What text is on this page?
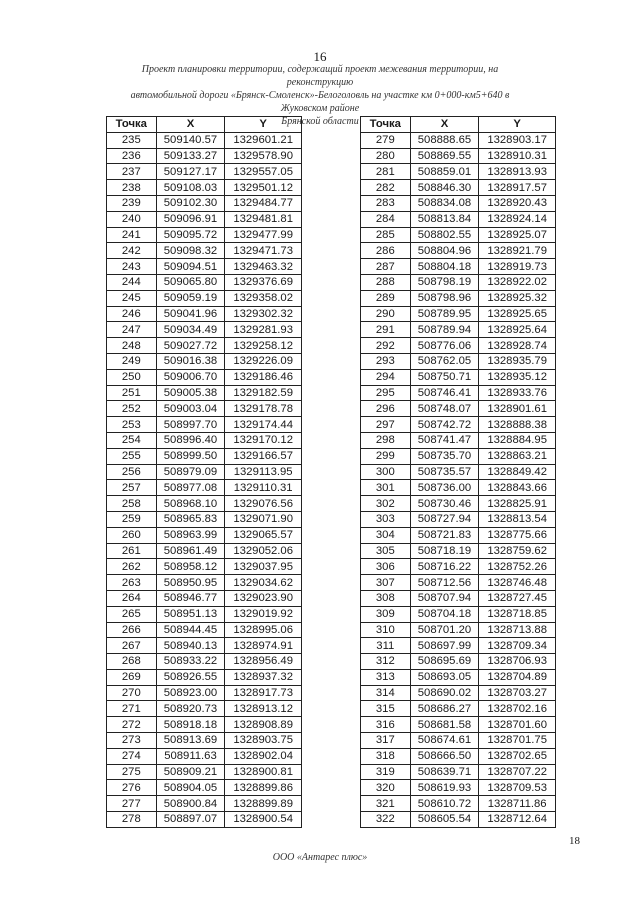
16
Проект планировки территории, содержащий проект межевания территории, на реконструкцию
автомобильной дороги «Брянск-Смоленск»-Белоголовль на участке км 0+000-км5+640 в Жуковском районе
Брянской области
Точка	X	Y
235	509140.57	1329601.21
236	509133.27	1329578.90
237	509127.17	1329557.05
238	509108.03	1329501.12
239	509102.30	1329484.77
240	509096.91	1329481.81
241	509095.72	1329477.99
242	509098.32	1329471.73
243	509094.51	1329463.32
244	509065.80	1329376.69
245	509059.19	1329358.02
246	509041.96	1329302.32
247	509034.49	1329281.93
248	509027.72	1329258.12
249	509016.38	1329226.09
250	509006.70	1329186.46
251	509005.38	1329182.59
252	509003.04	1329178.78
253	508997.70	1329174.44
254	508996.40	1329170.12
255	508999.50	1329166.57
256	508979.09	1329113.95
257	508977.08	1329110.31
258	508968.10	1329076.56
259	508965.83	1329071.90
260	508963.99	1329065.57
261	508961.49	1329052.06
262	508958.12	1329037.95
263	508950.95	1329034.62
264	508946.77	1329023.90
265	508951.13	1329019.92
266	508944.45	1328995.06
267	508940.13	1328974.91
268	508933.22	1328956.49
269	508926.55	1328937.32
270	508923.00	1328917.73
271	508920.73	1328913.12
272	508918.18	1328908.89
273	508913.69	1328903.75
274	508911.63	1328902.04
275	508909.21	1328900.81
276	508904.05	1328899.86
277	508900.84	1328899.89
278	508897.07	1328900.54
Точка	X	Y
279	508888.65	1328903.17
280	508869.55	1328910.31
281	508859.01	1328913.93
282	508846.30	1328917.57
283	508834.08	1328920.43
284	508813.84	1328924.14
285	508802.55	1328925.07
286	508804.96	1328921.79
287	508804.18	1328919.73
288	508798.19	1328922.02
289	508798.96	1328925.32
290	508789.95	1328925.65
291	508789.94	1328925.64
292	508776.06	1328928.74
293	508762.05	1328935.79
294	508750.71	1328935.12
295	508746.41	1328933.76
296	508748.07	1328901.61
297	508742.72	1328888.38
298	508741.47	1328884.95
299	508735.70	1328863.21
300	508735.57	1328849.42
301	508736.00	1328843.66
302	508730.46	1328825.91
303	508727.94	1328813.54
304	508721.83	1328775.66
305	508718.19	1328759.62
306	508716.22	1328752.26
307	508712.56	1328746.48
308	508707.94	1328727.45
309	508704.18	1328718.85
310	508701.20	1328713.88
311	508697.99	1328709.34
312	508695.69	1328706.93
313	508693.05	1328704.89
314	508690.02	1328703.27
315	508686.27	1328702.16
316	508681.58	1328701.60
317	508674.61	1328701.75
318	508666.50	1328702.65
319	508639.71	1328707.22
320	508619.93	1328709.53
321	508610.72	1328711.86
322	508605.54	1328712.64
18
ООО «Антарес плюс»
